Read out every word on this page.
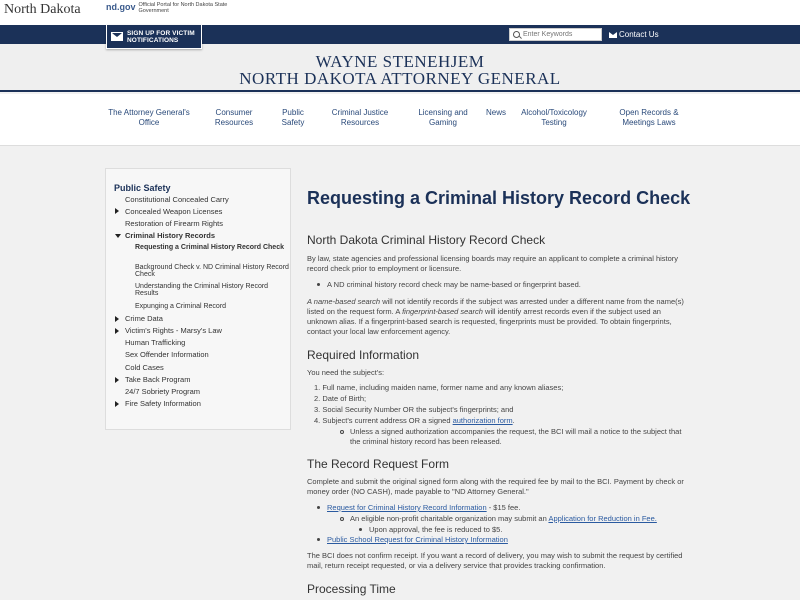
North Dakota	nd.gov Official Portal for North Dakota State Government
SIGN UP FOR VICTIM NOTIFICATIONS
Enter Keywords
Contact Us
WAYNE STENEHJEM
NORTH DAKOTA ATTORNEY GENERAL
The Attorney General's Office
Consumer Resources
Public Safety
Criminal Justice Resources
Licensing and Gaming
News	Alcohol/Toxicology Testing
Open Records & Meetings Laws
Public Safety
Constitutional Concealed Carry
Concealed Weapon Licenses
Restoration of Firearm Rights
Criminal History Records
Requesting a Criminal History Record Check
Background Check v. ND Criminal History Record Check
Understanding the Criminal History Record Results
Expunging a Criminal Record
Crime Data
Victim's Rights - Marsy's Law
Human Trafficking
Sex Offender Information
Cold Cases
Take Back Program
24/7 Sobriety Program
Fire Safety Information
Requesting a Criminal History Record Check
North Dakota Criminal History Record Check
By law, state agencies and professional licensing boards may require an applicant to complete a criminal history record check prior to employment or licensure.
A ND criminal history record check may be name-based or fingerprint based.
A name-based search will not identify records if the subject was arrested under a different name from the name(s) listed on the request form. A fingerprint-based search will identify arrest records even if the subject used an unknown alias. If a fingerprint-based search is requested, fingerprints must be provided. To obtain fingerprints, contact your local law enforcement agency.
Required Information
You need the subject's:
1. Full name, including maiden name, former name and any known aliases;
2. Date of Birth;
3. Social Security Number OR the subject's fingerprints; and
4. Subject's current address OR a signed authorization form.
Unless a signed authorization accompanies the request, the BCI will mail a notice to the subject that the criminal history record has been released.
The Record Request Form
Complete and submit the original signed form along with the required fee by mail to the BCI. Payment by check or money order (NO CASH), made payable to "ND Attorney General."
Request for Criminal History Record Information - $15 fee.
An eligible non-profit charitable organization may submit an Application for Reduction in Fee.
Upon approval, the fee is reduced to $5.
Public School Request for Criminal History Information
The BCI does not confirm receipt. If you want a record of delivery, you may wish to submit the request by certified mail, return receipt requested, or via a delivery service that provides tracking confirmation.
Processing Time
